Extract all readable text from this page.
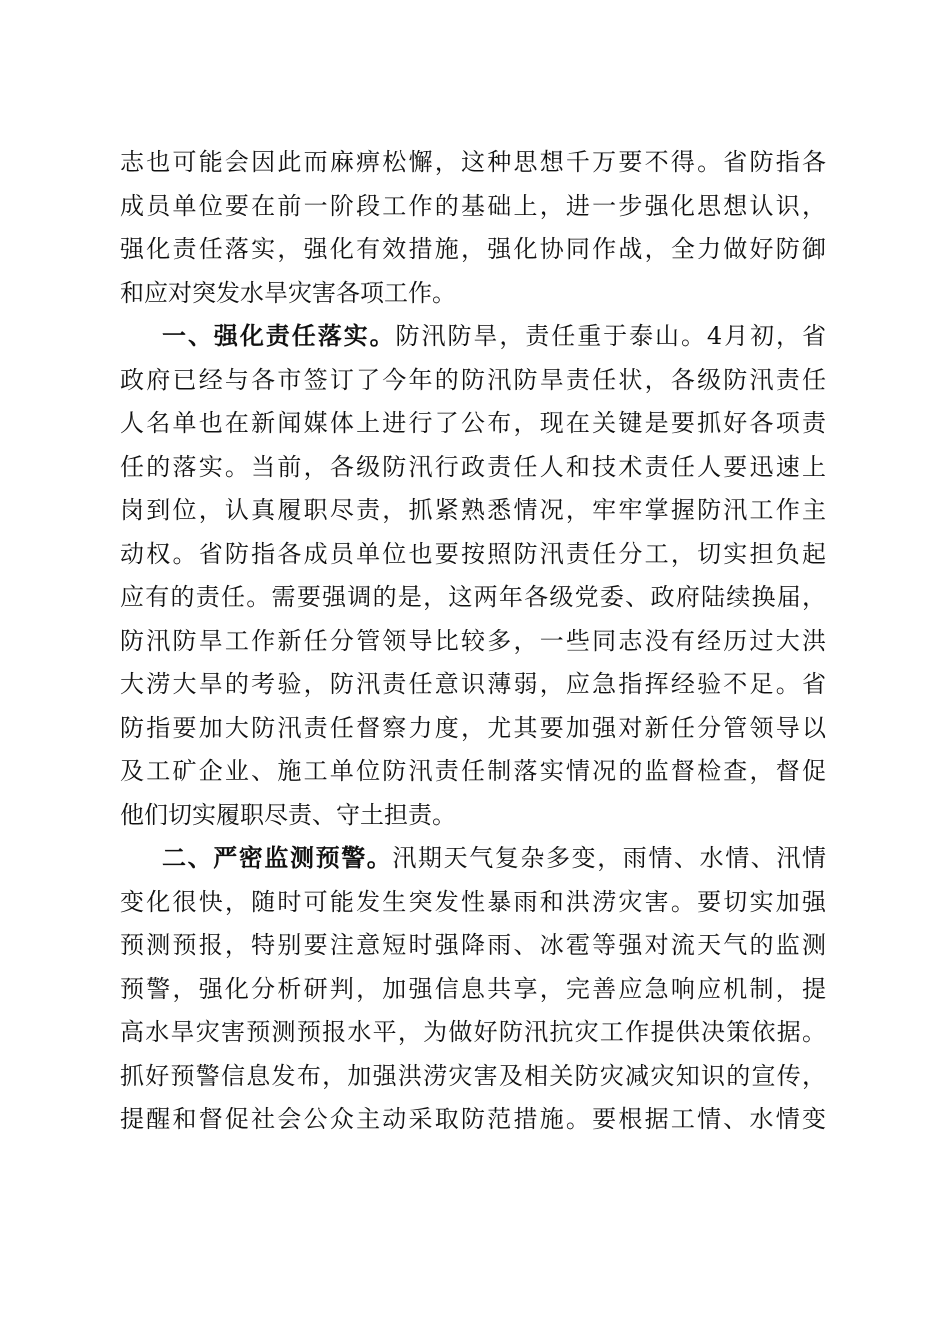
志也可能会因此而麻痹松懈，这种思想千万要不得。省防指各
成员单位要在前一阶段工作的基础上，进一步强化思想认识，
强化责任落实，强化有效措施，强化协同作战，全力做好防御
和应对突发水旱灾害各项工作。

一、强化责任落实。防汛防旱，责任重于泰山。4月初，省
政府已经与各市签订了今年的防汛防旱责任状，各级防汛责任
人名单也在新闻媒体上进行了公布，现在关键是要抓好各项责
任的落实。当前，各级防汛行政责任人和技术责任人要迅速上
岗到位，认真履职尽责，抓紧熟悉情况，牢牢掌握防汛工作主
动权。省防指各成员单位也要按照防汛责任分工，切实担负起
应有的责任。需要强调的是，这两年各级党委、政府陆续换届，
防汛防旱工作新任分管领导比较多，一些同志没有经历过大洪
大涝大旱的考验，防汛责任意识薄弱，应急指挥经验不足。省
防指要加大防汛责任督察力度，尤其要加强对新任分管领导以
及工矿企业、施工单位防汛责任制落实情况的监督检查，督促
他们切实履职尽责、守土担责。

二、严密监测预警。汛期天气复杂多变，雨情、水情、汛情
变化很快，随时可能发生突发性暴雨和洪涝灾害。要切实加强
预测预报，特别要注意短时强降雨、冰雹等强对流天气的监测
预警，强化分析研判，加强信息共享，完善应急响应机制，提
高水旱灾害预测预报水平，为做好防汛抗灾工作提供决策依据。
抓好预警信息发布，加强洪涝灾害及相关防灾减灾知识的宣传，
提醒和督促社会公众主动采取防范措施。要根据工情、水情变
